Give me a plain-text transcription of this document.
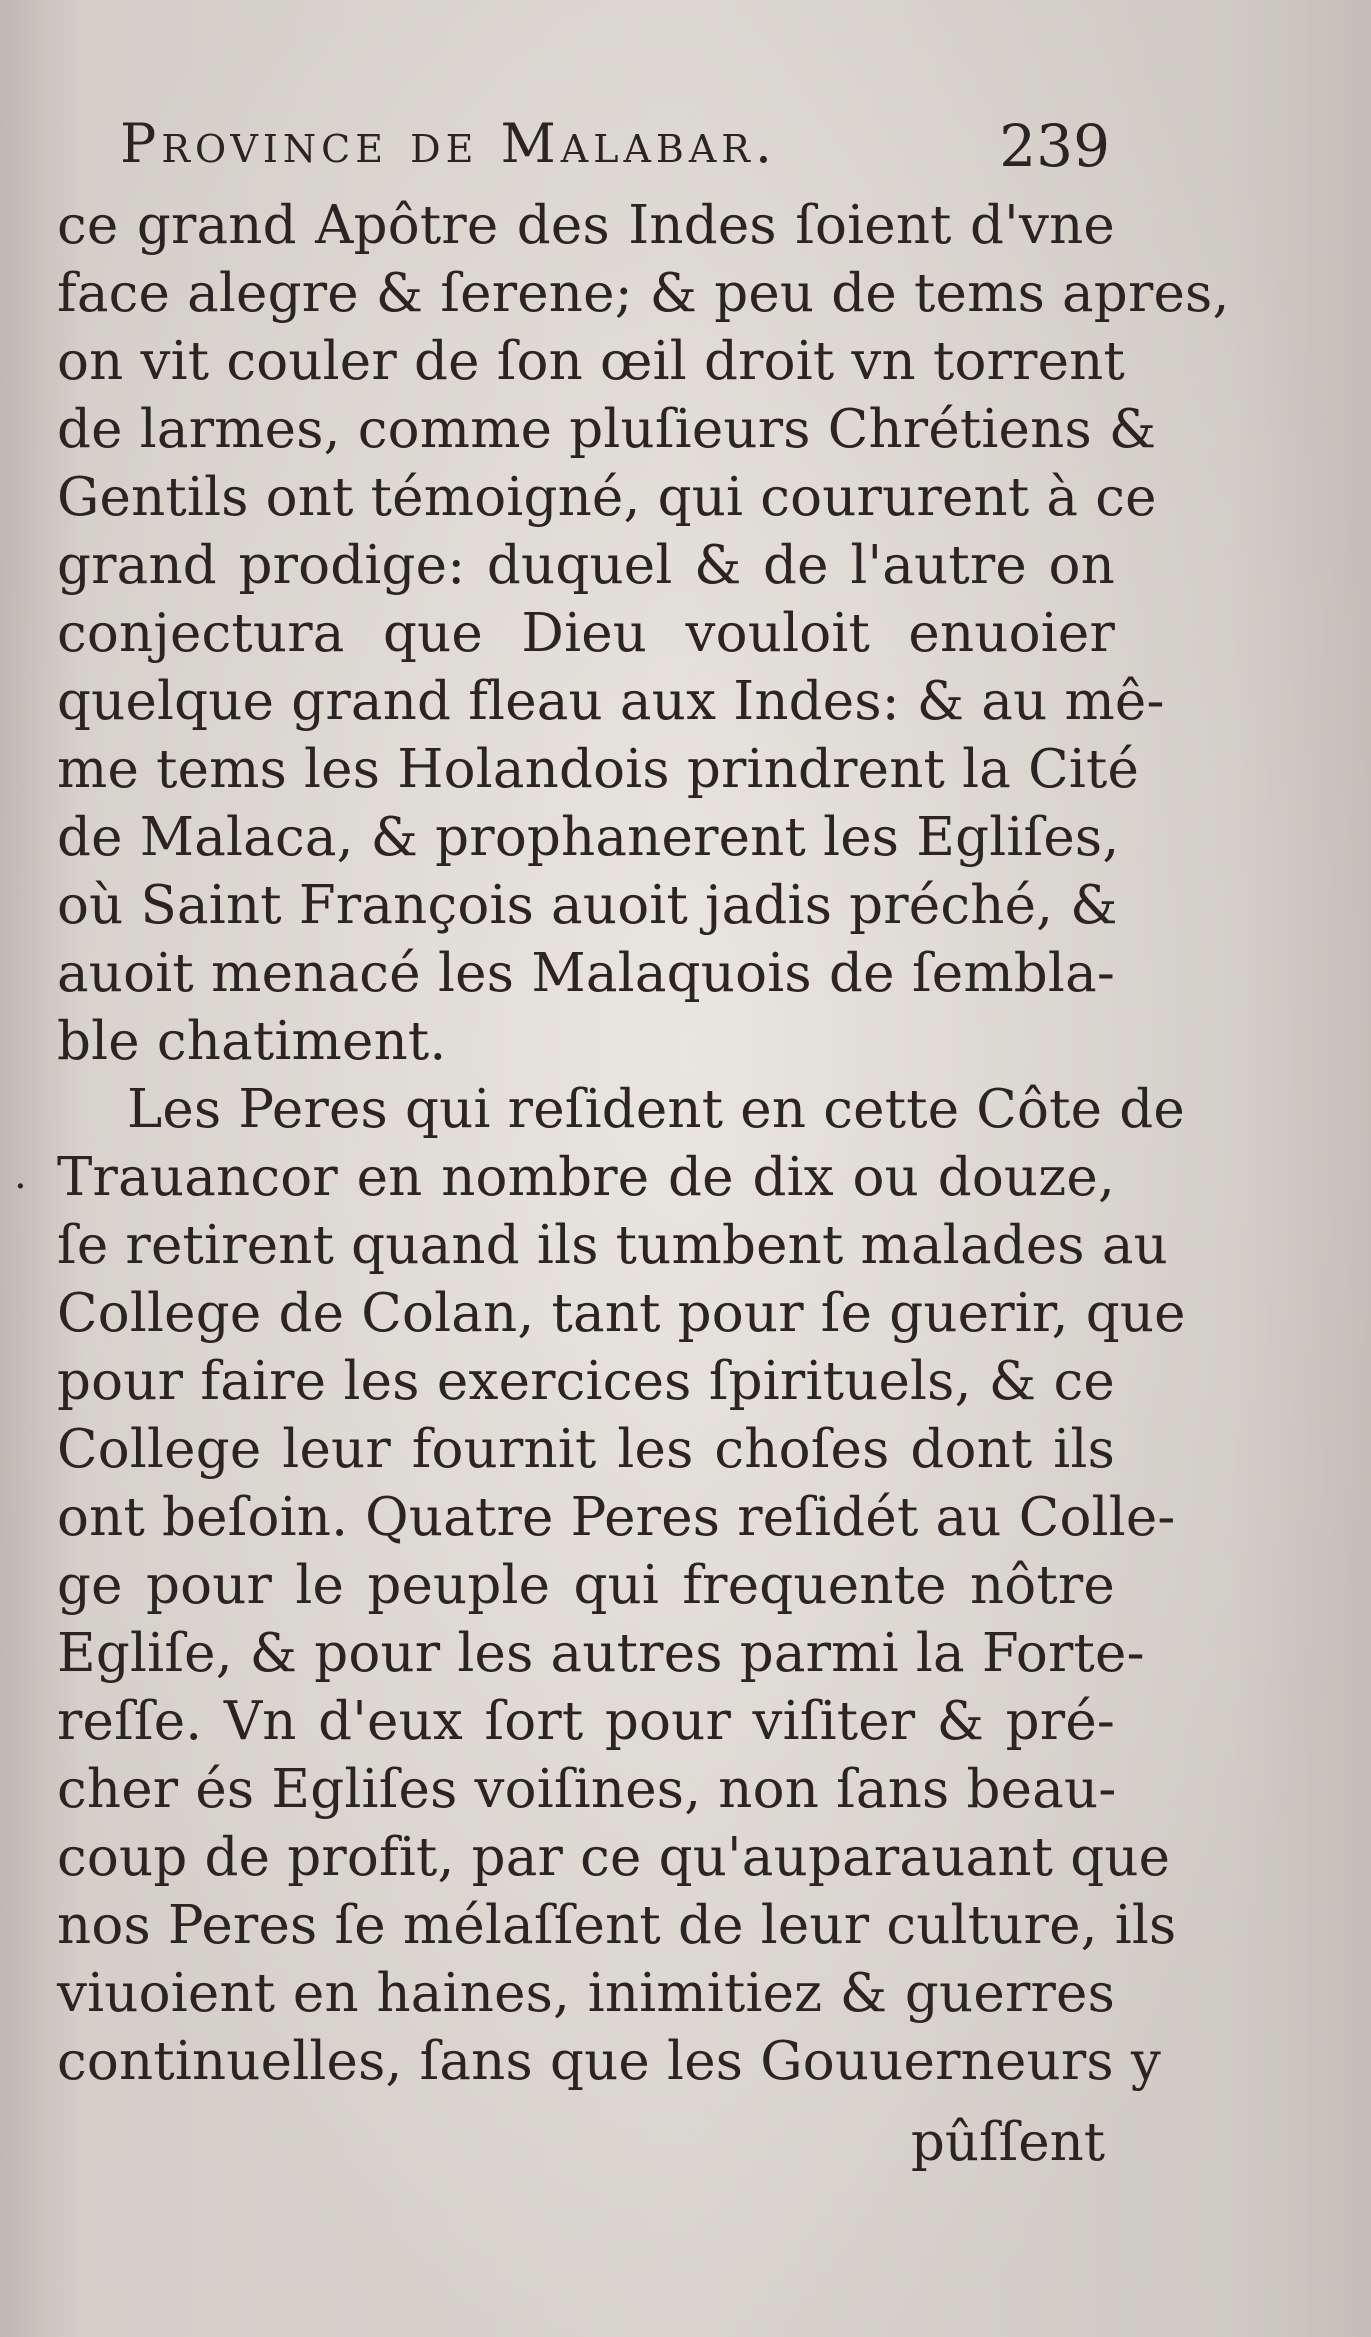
Province de Malabar.	239
.
ce grand Apôtre des Indes ſoient d'vne
face alegre & ſerene; & peu de tems apres,
on vit couler de ſon œil droit vn torrent
de larmes, comme pluſieurs Chrétiens &
Gentils ont témoigné, qui coururent à ce
grand prodige: duquel & de l'autre on
conjectura que Dieu vouloit enuoier
quelque grand fleau aux Indes: & au mê-
me tems les Holandois prindrent la Cité
de Malaca, & prophanerent les Egliſes,
où Saint François auoit jadis préché, &
auoit menacé les Malaquois de ſembla-
ble chatiment.
Les Peres qui reſident en cette Côte de
Trauancor en nombre de dix ou douze,
ſe retirent quand ils tumbent malades au
College de Colan, tant pour ſe guerir, que
pour faire les exercices ſpirituels, & ce
College leur fournit les choſes dont ils
ont beſoin. Quatre Peres reſidét au Colle-
ge pour le peuple qui frequente nôtre
Egliſe, & pour les autres parmi la Forte-
reſſe. Vn d'eux ſort pour viſiter & pré-
cher és Egliſes voiſines, non ſans beau-
coup de profit, par ce qu'auparauant que
nos Peres ſe mélaſſent de leur culture, ils
viuoient en haines, inimitiez & guerres
continuelles, ſans que les Gouuerneurs y
pûſſent
